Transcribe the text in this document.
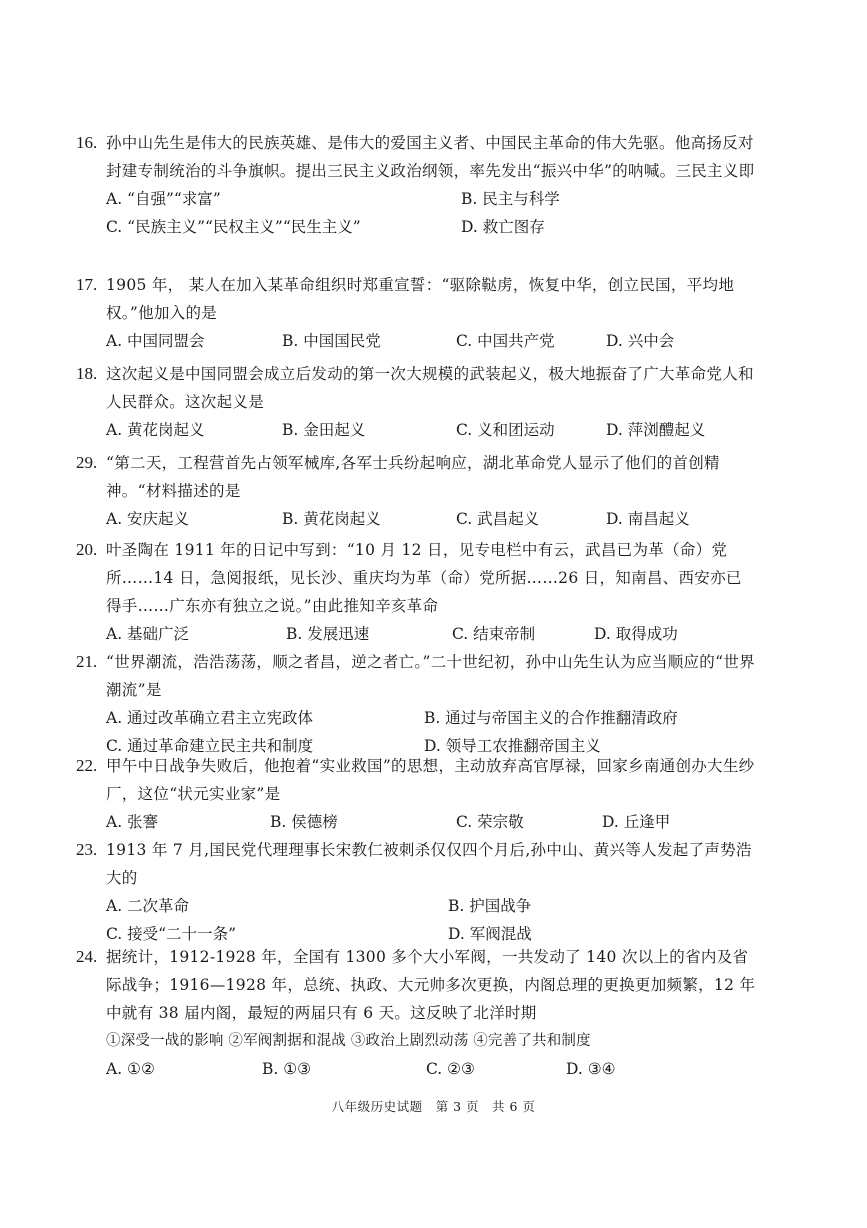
16. 孙中山先生是伟大的民族英雄、是伟大的爱国主义者、中国民主革命的伟大先驱。他高扬反对封建专制统治的斗争旗帜。提出三民主义政治纲领，率先发出“振兴中华”的呐喊。三民主义即
A. “自强”“求富”	B. 民主与科学
C. “民族主义”“民权主义”“民生主义”	D. 救亡图存
17. 1905 年， 某人在加入某革命组织时郑重宣誓：“驱除鞑虏，恢复中华，创立民国，平均地权。”他加入的是
A. 中国同盟会	B. 中国国民党	C. 中国共产党	D. 兴中会
18. 这次起义是中国同盟会成立后发动的第一次大规模的武装起义，极大地振奋了广大革命党人和人民群众。这次起义是
A. 黄花岗起义	B. 金田起义	C. 义和团运动	D. 萍浏醴起义
29. “第二天，工程营首先占领军械库,各军士兵纷起响应，湖北革命党人显示了他们的首创精神。“材料描述的是
A. 安庆起义	B. 黄花岗起义	C. 武昌起义	D. 南昌起义
20. 叶圣陶在 1911 年的日记中写到：“10 月 12 日，见专电栏中有云，武昌已为革（命）党所……14 日，急阅报纸，见长沙、重庆均为革（命）党所据……26 日，知南昌、西安亦已得手……广东亦有独立之说。”由此推知辛亥革命
A. 基础广泛	B. 发展迅速	C. 结束帝制	D. 取得成功
21. “世界潮流，浩浩荡荡，顺之者昌，逆之者亡。”二十世纪初，孙中山先生认为应当顺应的“世界潮流”是
A. 通过改革确立君主立宪政体	B. 通过与帝国主义的合作推翻清政府
C. 通过革命建立民主共和制度	D. 领导工农推翻帝国主义
22. 甲午中日战争失败后，他抱着“实业救国”的思想，主动放弃高官厚禄，回家乡南通创办大生纱厂，这位“状元实业家”是
A. 张謇	B. 侯德榜	C. 荣宗敬	D. 丘逢甲
23. 1913 年 7 月,国民党代理理事长宋教仁被刺杀仅仅四个月后,孙中山、黄兴等人发起了声势浩大的
A. 二次革命	B. 护国战争
C. 接受“二十一条”	D. 军阀混战
24. 据统计，1912-1928 年，全国有 1300 多个大小军阀，一共发动了 140 次以上的省内及省际战争；1916—1928 年，总统、执政、大元帅多次更换，内阁总理的更换更加频繁，12 年中就有 38 届内阁，最短的两届只有 6 天。这反映了北洋时期
①深受一战的影响 ②军阀割据和混战 ③政治上剧烈动荡 ④完善了共和制度
A. ①②	B. ①③	C. ②③	D. ③④
八年级历史试题　第 3 页　共 6 页
